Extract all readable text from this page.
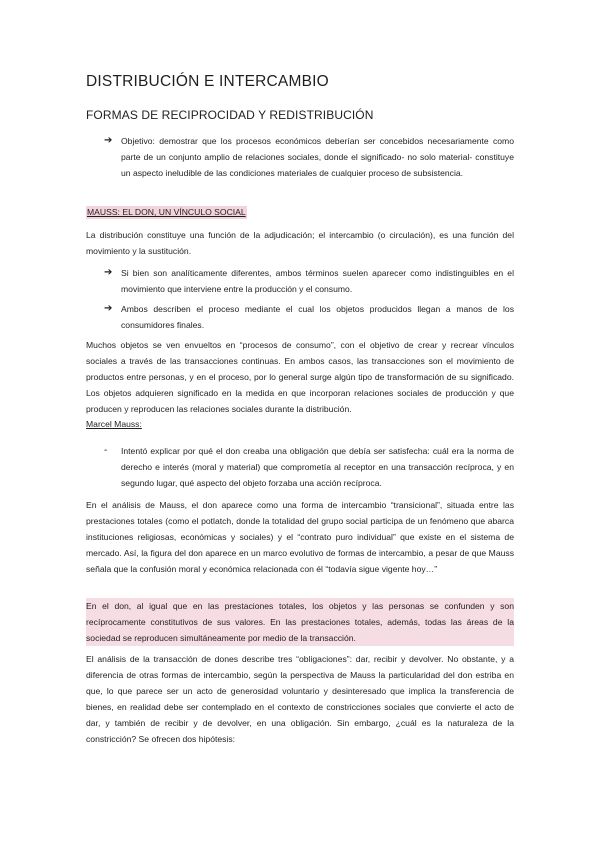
DISTRIBUCIÓN E INTERCAMBIO
FORMAS DE RECIPROCIDAD Y REDISTRIBUCIÓN

➔ Objetivo: demostrar que los procesos económicos deberían ser concebidos necesariamente como parte de un conjunto amplio de relaciones sociales, donde el significado- no solo material- constituye un aspecto ineludible de las condiciones materiales de cualquier proceso de subsistencia.

MAUSS: EL DON, UN VÍNCULO SOCIAL

La distribución constituye una función de la adjudicación; el intercambio (o circulación), es una función del movimiento y la sustitución.

➔ Si bien son analíticamente diferentes, ambos términos suelen aparecer como indistinguibles en el movimiento que interviene entre la producción y el consumo.

➔ Ambos describen el proceso mediante el cual los objetos producidos llegan a manos de los consumidores finales.

Muchos objetos se ven envueltos en “procesos de consumo”, con el objetivo de crear y recrear vínculos sociales a través de las transacciones continuas. En ambos casos, las transacciones son el movimiento de productos entre personas, y en el proceso, por lo general surge algún tipo de transformación de su significado. Los objetos adquieren significado en la medida en que incorporan relaciones sociales de producción y que producen y reproducen las relaciones sociales durante la distribución.

Marcel Mauss:

- Intentó explicar por qué el don creaba una obligación que debía ser satisfecha: cuál era la norma de derecho e interés (moral y material) que comprometía al receptor en una transacción recíproca, y en segundo lugar, qué aspecto del objeto forzaba una acción recíproca.

En el análisis de Mauss, el don aparece como una forma de intercambio “transicional”, situada entre las prestaciones totales (como el potlatch, donde la totalidad del grupo social participa de un fenómeno que abarca instituciones religiosas, económicas y sociales) y el “contrato puro individual” que existe en el sistema de mercado. Así, la figura del don aparece en un marco evolutivo de formas de intercambio, a pesar de que Mauss señala que la confusión moral y económica relacionada con él “todavía sigue vigente hoy…”

En el don, al igual que en las prestaciones totales, los objetos y las personas se confunden y son recíprocamente constitutivos de sus valores. En las prestaciones totales, además, todas las áreas de la sociedad se reproducen simultáneamente por medio de la transacción.

El análisis de la transacción de dones describe tres “obligaciones”: dar, recibir y devolver. No obstante, y a diferencia de otras formas de intercambio, según la perspectiva de Mauss la particularidad del don estriba en que, lo que parece ser un acto de generosidad voluntario y desinteresado que implica la transferencia de bienes, en realidad debe ser contemplado en el contexto de constricciones sociales que convierte el acto de dar, y también de recibir y de devolver, en una obligación. Sin embargo, ¿cuál es la naturaleza de la constricción? Se ofrecen dos hipótesis:
